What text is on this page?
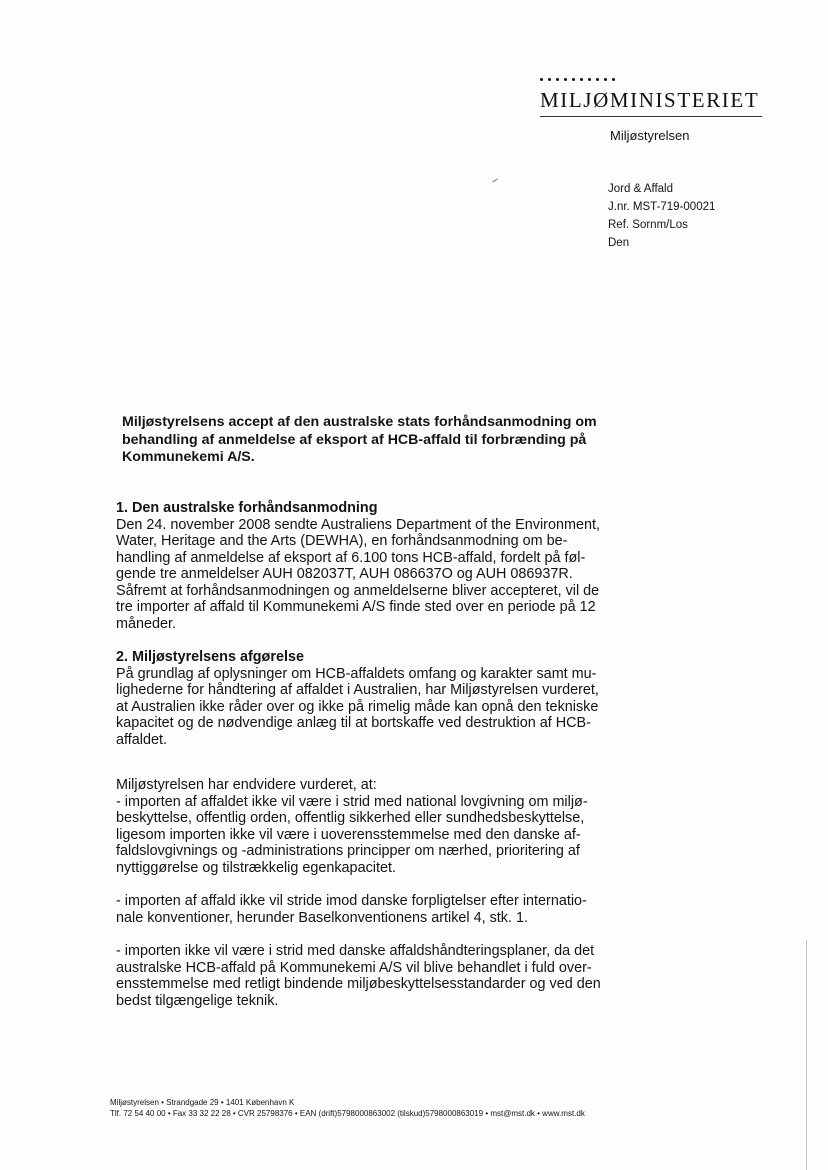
MILJØMINISTERIET
Miljøstyrelsen
Jord & Affald
J.nr. MST-719-00021
Ref. Sornm/Los
Den
Miljøstyrelsens accept af den australske stats forhåndsanmodning om
behandling af anmeldelse af eksport af HCB-affald til forbrænding på
Kommunekemi A/S.
1. Den australske forhåndsanmodning
Den 24. november 2008 sendte Australiens Department of the Environment,
Water, Heritage and the Arts (DEWHA), en forhåndsanmodning om be-
handling af anmeldelse af eksport af 6.100 tons HCB-affald, fordelt på føl-
gende tre anmeldelser AUH 082037T, AUH 086637O og AUH 086937R.
Såfremt at forhåndsanmodningen og anmeldelserne bliver accepteret, vil de
tre importer af affald til Kommunekemi A/S finde sted over en periode på 12
måneder.
2. Miljøstyrelsens afgørelse
På grundlag af oplysninger om HCB-affaldets omfang og karakter samt mu-
lighederne for håndtering af affaldet i Australien, har Miljøstyrelsen vurderet,
at Australien ikke råder over og ikke på rimelig måde kan opnå den tekniske
kapacitet og de nødvendige anlæg til at bortskaffe ved destruktion af HCB-
affaldet.
Miljøstyrelsen har endvidere vurderet, at:
- importen af affaldet ikke vil være i strid med national lovgivning om miljø-
beskyttelse, offentlig orden, offentlig sikkerhed eller sundhedsbeskyttelse,
ligesom importen ikke vil være i uoverensstemmelse med den danske af-
faldslovgivnings og -administrations principper om nærhed, prioritering af
nyttiggørelse og tilstrækkelig egenkapacitet.
- importen af affald ikke vil stride imod danske forpligtelser efter internatio-
nale konventioner, herunder Baselkonventionens artikel 4, stk. 1.
- importen ikke vil være i strid med danske affaldshåndteringsplaner, da det
australske HCB-affald på Kommunekemi A/S vil blive behandlet i fuld over-
ensstemmelse med retligt bindende miljøbeskyttelsesstandarder og ved den
bedst tilgængelige teknik.
Miljøstyrelsen • Strandgade 29 • 1401 København K
Tlf. 72 54 40 00 • Fax 33 32 22 28 • CVR 25798376 • EAN (drift)5798000863002 (tilskud)5798000863019 • mst@mst.dk • www.mst.dk
